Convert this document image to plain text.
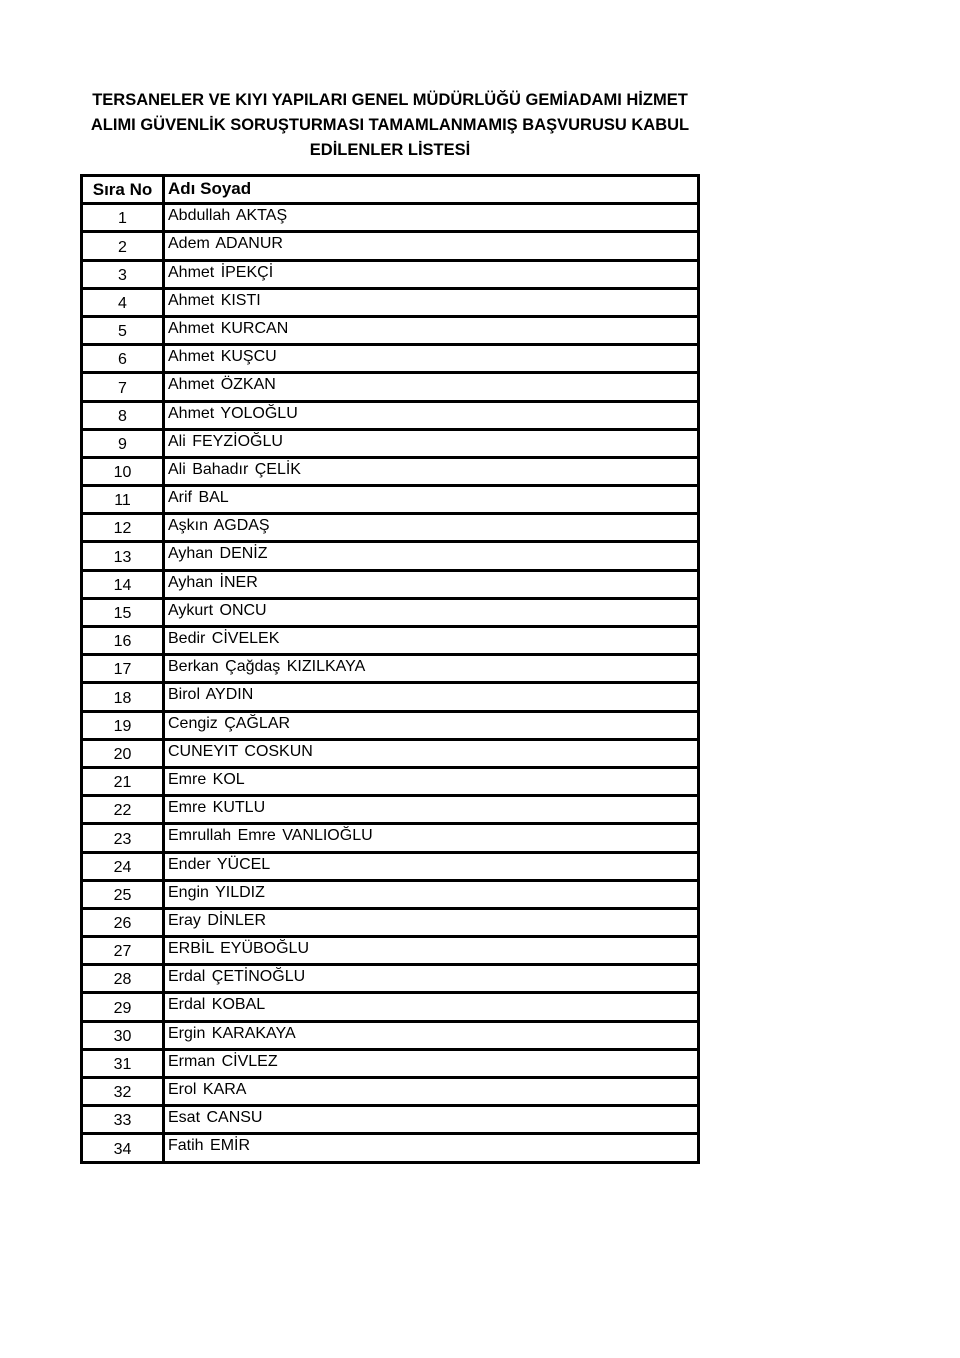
TERSANELER VE KIYI YAPILARI GENEL MÜDÜRLÜĞÜ GEMİADAMI HİZMET
ALIMI GÜVENLİK SORUŞTURMASI TAMAMLANMAMIŞ BAŞVURUSU KABUL
EDİLENLER LİSTESİ
Sıra No	Adı Soyad
1	Abdullah AKTAŞ
2	Adem ADANUR
3	Ahmet İPEKÇİ
4	Ahmet KISTI
5	Ahmet KURCAN
6	Ahmet KUŞCU
7	Ahmet ÖZKAN
8	Ahmet YOLOĞLU
9	Ali FEYZİOĞLU
10	Ali Bahadır ÇELİK
11	Arif BAL
12	Aşkın AGDAŞ
13	Ayhan DENİZ
14	Ayhan İNER
15	Aykurt ONCU
16	Bedir CİVELEK
17	Berkan Çağdaş KIZILKAYA
18	Birol AYDIN
19	Cengiz ÇAĞLAR
20	CUNEYIT COSKUN
21	Emre KOL
22	Emre KUTLU
23	Emrullah Emre VANLIOĞLU
24	Ender YÜCEL
25	Engin YILDIZ
26	Eray DİNLER
27	ERBİL EYÜBOĞLU
28	Erdal ÇETİNOĞLU
29	Erdal KOBAL
30	Ergin KARAKAYA
31	Erman CİVLEZ
32	Erol KARA
33	Esat CANSU
34	Fatih EMİR
